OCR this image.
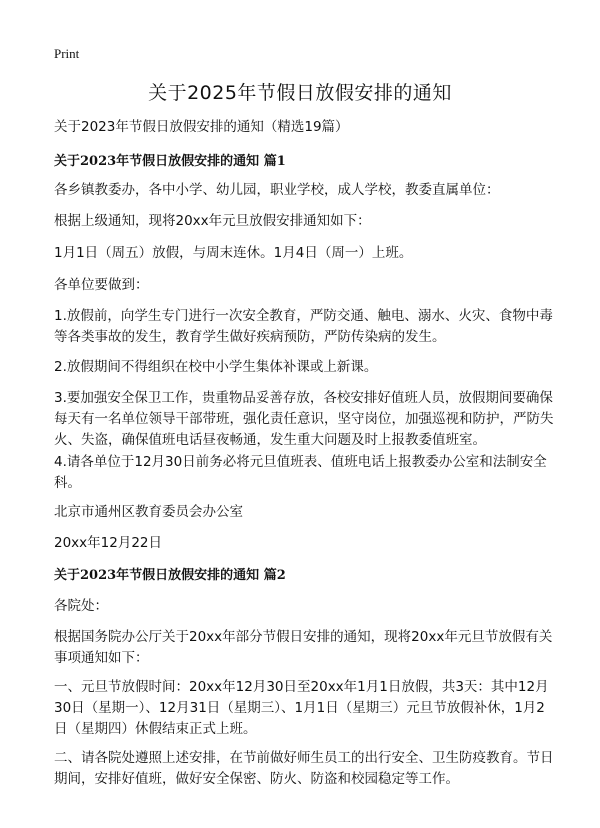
Print
关于2025年节假日放假安排的通知
关于2023年节假日放假安排的通知（精选19篇）
关于2023年节假日放假安排的通知 篇1
各乡镇教委办，各中小学、幼儿园，职业学校，成人学校，教委直属单位：
根据上级通知，现将20xx年元旦放假安排通知如下：
1月1日（周五）放假，与周末连休。1月4日（周一）上班。
各单位要做到：
1.放假前，向学生专门进行一次安全教育，严防交通、触电、溺水、火灾、食物中毒等各类事故的发生，教育学生做好疾病预防，严防传染病的发生。
2.放假期间不得组织在校中小学生集体补课或上新课。
3.要加强安全保卫工作，贵重物品妥善存放，各校安排好值班人员，放假期间要确保每天有一名单位领导干部带班，强化责任意识，坚守岗位，加强巡视和防护，严防失火、失盗，确保值班电话昼夜畅通，发生重大问题及时上报教委值班室。
4.请各单位于12月30日前务必将元旦值班表、值班电话上报教委办公室和法制安全科。
北京市通州区教育委员会办公室
20xx年12月22日
关于2023年节假日放假安排的通知 篇2
各院处：
根据国务院办公厅关于20xx年部分节假日安排的通知，现将20xx年元旦节放假有关事项通知如下：
一、元旦节放假时间：20xx年12月30日至20xx年1月1日放假，共3天：其中12月30日（星期一）、12月31日（星期三）、1月1日（星期三）元旦节放假补休，1月2日（星期四）休假结束正式上班。
二、请各院处遵照上述安排，在节前做好师生员工的出行安全、卫生防疫教育。节日期间，安排好值班，做好安全保密、防火、防盗和校园稳定等工作。
